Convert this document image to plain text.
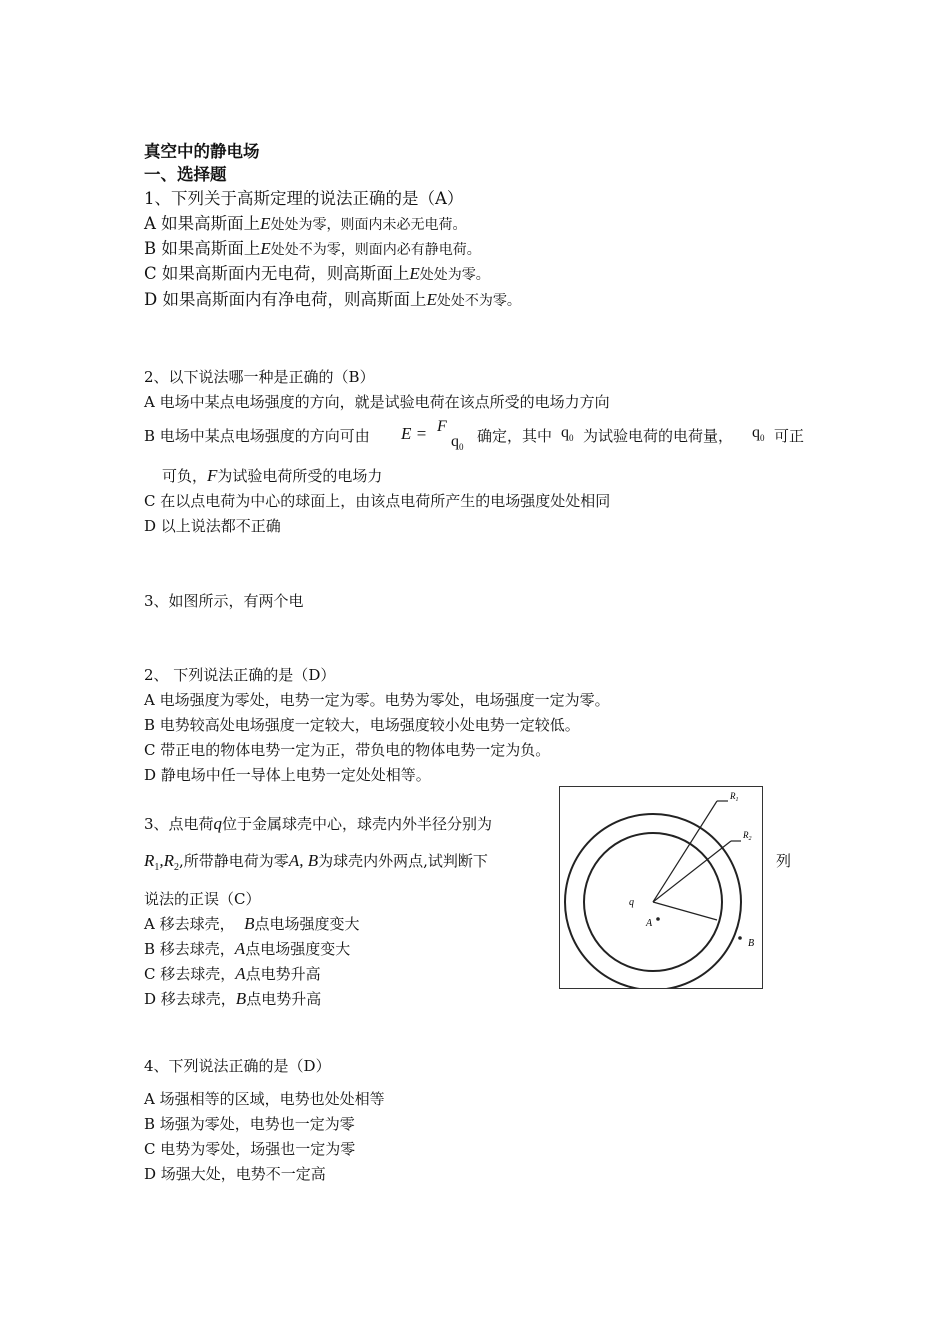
真空中的静电场
一、选择题
1、下列关于高斯定理的说法正确的是（A）
A 如果高斯面上E处处为零，则面内未必无电荷。
B 如果高斯面上E处处不为零，则面内必有静电荷。
C 如果高斯面内无电荷，则高斯面上E处处为零。
D 如果高斯面内有净电荷，则高斯面上E处处不为零。
2、以下说法哪一种是正确的（B）
A 电场中某点电场强度的方向，就是试验电荷在该点所受的电场力方向
B 电场中某点电场强度的方向可由 E = F
$q_0$
确定，其中 $q_0$ 为试验电荷的电荷量， $q_0$ 可正
可负，F为试验电荷所受的电场力
C 在以点电荷为中心的球面上，由该点电荷所产生的电场强度处处相同
D 以上说法都不正确
3、如图所示，有两个电
2、 下列说法正确的是（D）
A 电场强度为零处，电势一定为零。电势为零处，电场强度一定为零。
B 电势较高处电场强度一定较大，电场强度较小处电势一定较低。
C 带正电的物体电势一定为正，带负电的物体电势一定为负。
D 静电场中任一导体上电势一定处处相等。
3、点电荷q位于金属球壳中心，球壳内外半径分别为
$R_1,R_2$,所带静电荷为零A, B为球壳内外两点,试判断下	列
说法的正误（C）
A 移去球壳， B点电场强度变大
B 移去球壳，A点电场强度变大
C 移去球壳，A点电势升高
D 移去球壳，B点电势升高
$R_1$
$R_2$
q
A
B
4、下列说法正确的是（D）
A 场强相等的区域，电势也处处相等
B 场强为零处，电势也一定为零
C 电势为零处，场强也一定为零
D 场强大处，电势不一定高
